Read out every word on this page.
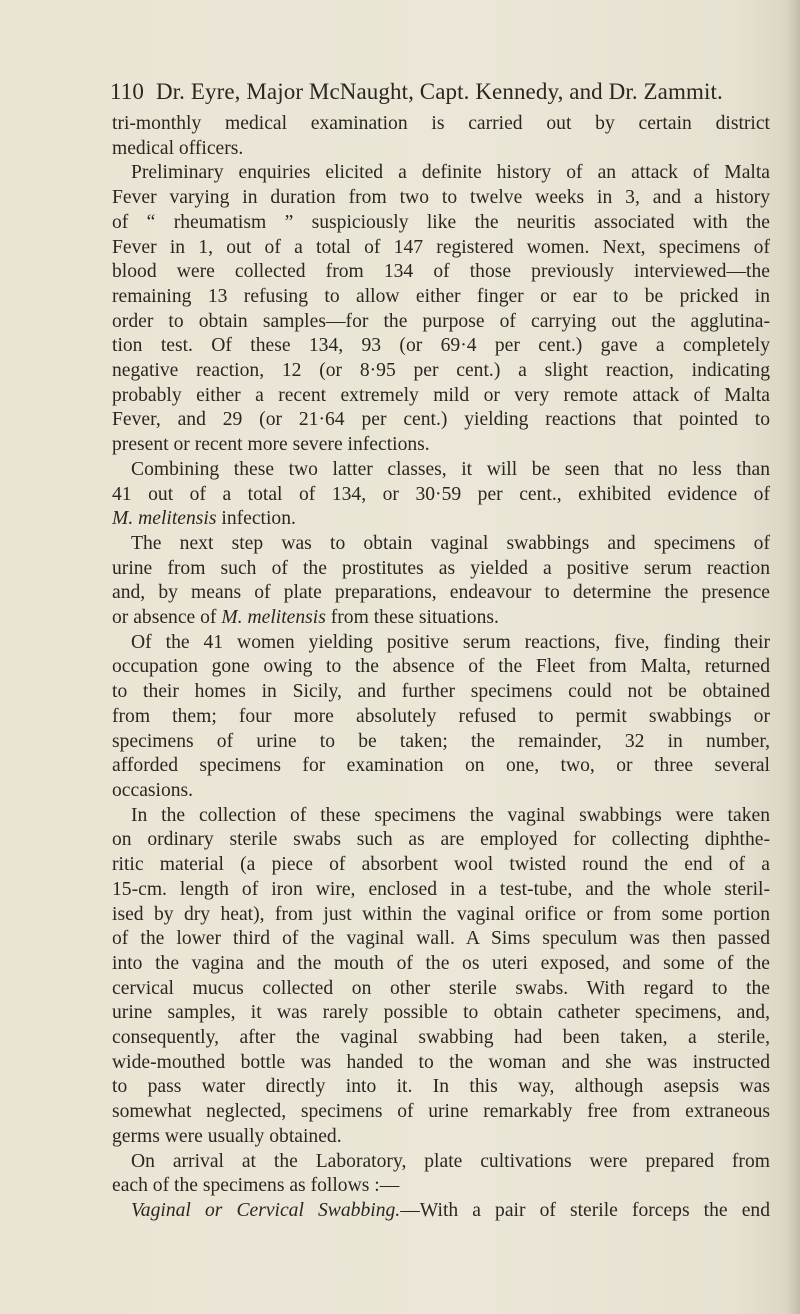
110 Dr. Eyre, Major McNaught, Capt. Kennedy, and Dr. Zammit.
tri-monthly medical examination is carried out by certain district
medical officers.
Preliminary enquiries elicited a definite history of an attack of Malta
Fever varying in duration from two to twelve weeks in 3, and a history
of “ rheumatism ” suspiciously like the neuritis associated with the
Fever in 1, out of a total of 147 registered women. Next, specimens of
blood were collected from 134 of those previously interviewed—the
remaining 13 refusing to allow either finger or ear to be pricked in
order to obtain samples—for the purpose of carrying out the agglutina-
tion test. Of these 134, 93 (or 69·4 per cent.) gave a completely
negative reaction, 12 (or 8·95 per cent.) a slight reaction, indicating
probably either a recent extremely mild or very remote attack of Malta
Fever, and 29 (or 21·64 per cent.) yielding reactions that pointed to
present or recent more severe infections.
Combining these two latter classes, it will be seen that no less than
41 out of a total of 134, or 30·59 per cent., exhibited evidence of
M. melitensis infection.
The next step was to obtain vaginal swabbings and specimens of
urine from such of the prostitutes as yielded a positive serum reaction
and, by means of plate preparations, endeavour to determine the presence
or absence of M. melitensis from these situations.
Of the 41 women yielding positive serum reactions, five, finding their
occupation gone owing to the absence of the Fleet from Malta, returned
to their homes in Sicily, and further specimens could not be obtained
from them; four more absolutely refused to permit swabbings or
specimens of urine to be taken; the remainder, 32 in number,
afforded specimens for examination on one, two, or three several
occasions.
In the collection of these specimens the vaginal swabbings were taken
on ordinary sterile swabs such as are employed for collecting diphthe-
ritic material (a piece of absorbent wool twisted round the end of a
15-cm. length of iron wire, enclosed in a test-tube, and the whole steril-
ised by dry heat), from just within the vaginal orifice or from some portion
of the lower third of the vaginal wall. A Sims speculum was then passed
into the vagina and the mouth of the os uteri exposed, and some of the
cervical mucus collected on other sterile swabs. With regard to the
urine samples, it was rarely possible to obtain catheter specimens, and,
consequently, after the vaginal swabbing had been taken, a sterile,
wide-mouthed bottle was handed to the woman and she was instructed
to pass water directly into it. In this way, although asepsis was
somewhat neglected, specimens of urine remarkably free from extraneous
germs were usually obtained.
On arrival at the Laboratory, plate cultivations were prepared from
each of the specimens as follows :—
Vaginal or Cervical Swabbing.—With a pair of sterile forceps the end
